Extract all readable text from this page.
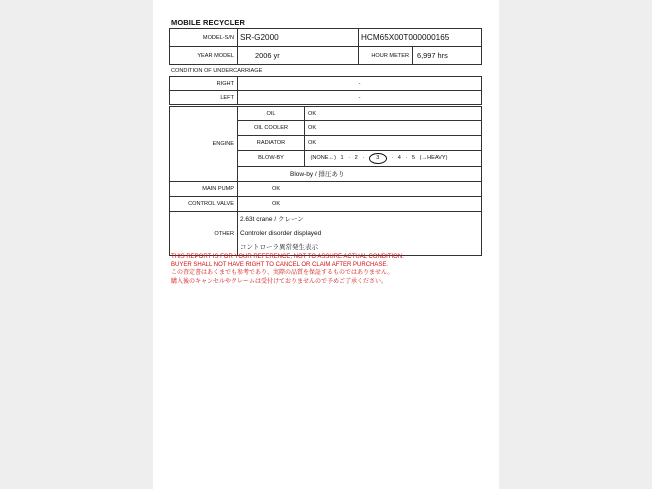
MOBILE RECYCLER
MODEL-S/N	SR-G2000	HCM65X00T000000165	
YEAR MODEL	2006 yr	HOUR METER	6,997 hrs
CONDITION OF UNDERCARRIAGE
RIGHT	-
LEFT	-
ENGINE	OIL	OK
	OIL COOLER	OK
	RADIATOR	OK
	BLOW-BY	(NONE←) 1 · 2 · 3 · 4 · 5 (→HEAVY)
	Blow-by / 排圧あり	
MAIN PUMP	OK	
CONTROL VALVE	OK	
OTHER	2.63t crane / クレーン
Controler disorder displayed
コントローラ異常発生表示	
THIS REPORT IS FOR YOUR REFERENCE, NOT TO ASSURE ACTUAL CONDITION.
BUYER SHALL NOT HAVE RIGHT TO CANCEL OR CLAIM AFTER PURCHASE.
この査定書はあくまでも参考であり、実際の品質を保証するものではありません。
購入後のキャンセルやクレームは受付けておりませんので予めご了承ください。
